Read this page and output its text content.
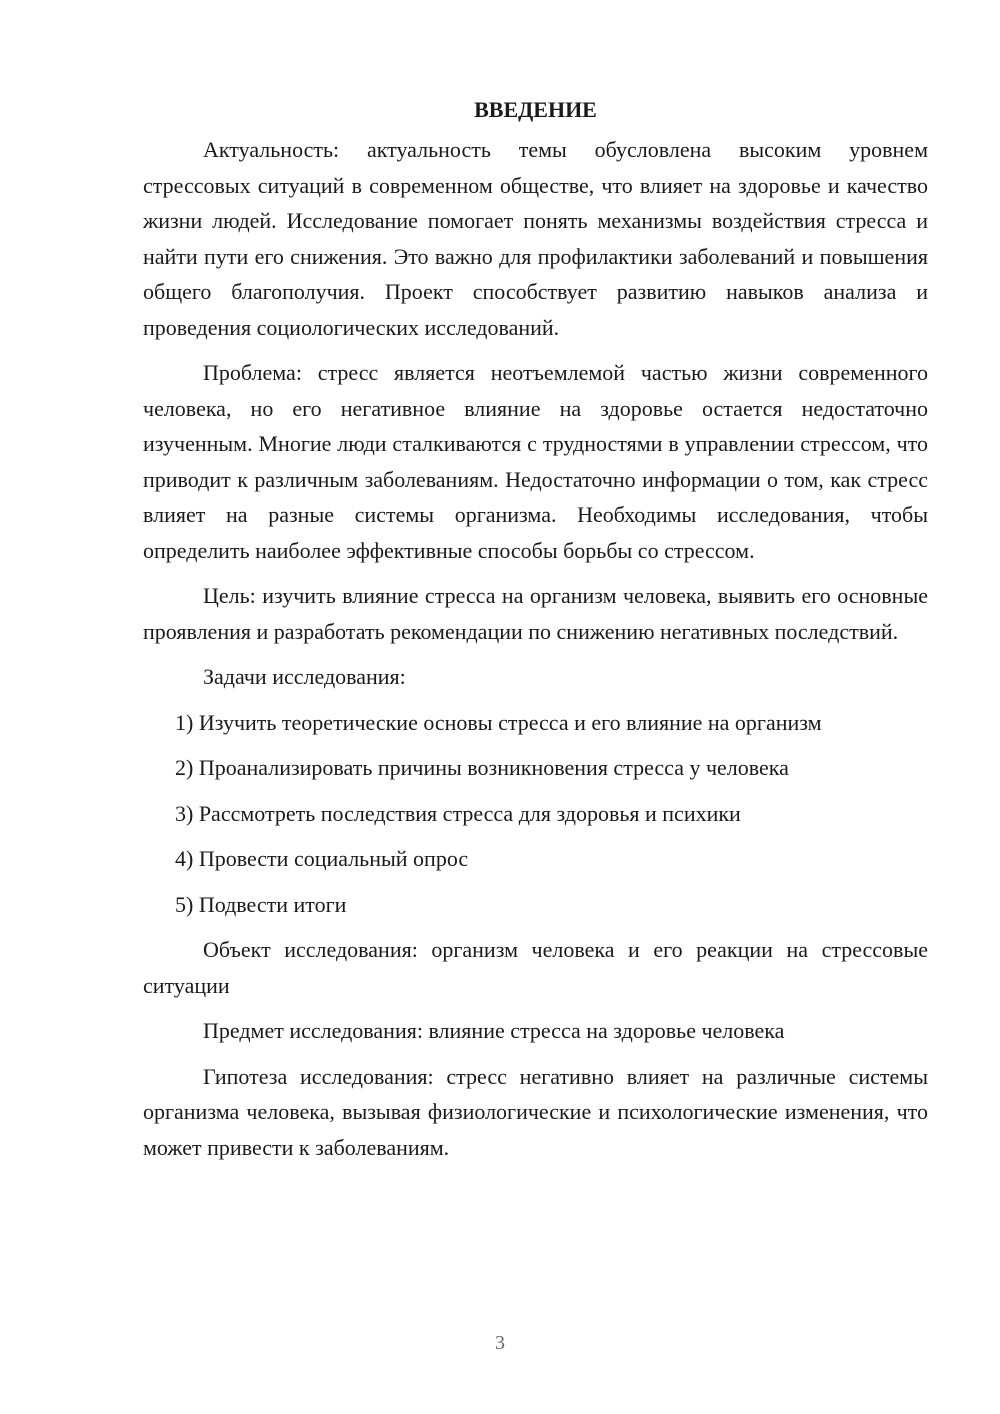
ВВЕДЕНИЕ

Актуальность: актуальность темы обусловлена высоким уровнем стрессовых ситуаций в современном обществе, что влияет на здоровье и качество жизни людей. Исследование помогает понять механизмы воздействия стресса и найти пути его снижения. Это важно для профилактики заболеваний и повышения общего благополучия. Проект способствует развитию навыков анализа и проведения социологических исследований.

Проблема: стресс является неотъемлемой частью жизни современного человека, но его негативное влияние на здоровье остается недостаточно изученным. Многие люди сталкиваются с трудностями в управлении стрессом, что приводит к различным заболеваниям. Недостаточно информации о том, как стресс влияет на разные системы организма. Необходимы исследования, чтобы определить наиболее эффективные способы борьбы со стрессом.

Цель: изучить влияние стресса на организм человека, выявить его основные проявления и разработать рекомендации по снижению негативных последствий.

Задачи исследования:

1) Изучить теоретические основы стресса и его влияние на организм
2) Проанализировать причины возникновения стресса у человека
3) Рассмотреть последствия стресса для здоровья и психики
4) Провести социальный опрос
5) Подвести итоги

Объект исследования: организм человека и его реакции на стрессовые ситуации

Предмет исследования: влияние стресса на здоровье человека

Гипотеза исследования: стресс негативно влияет на различные системы организма человека, вызывая физиологические и психологические изменения, что может привести к заболеваниям.

3
